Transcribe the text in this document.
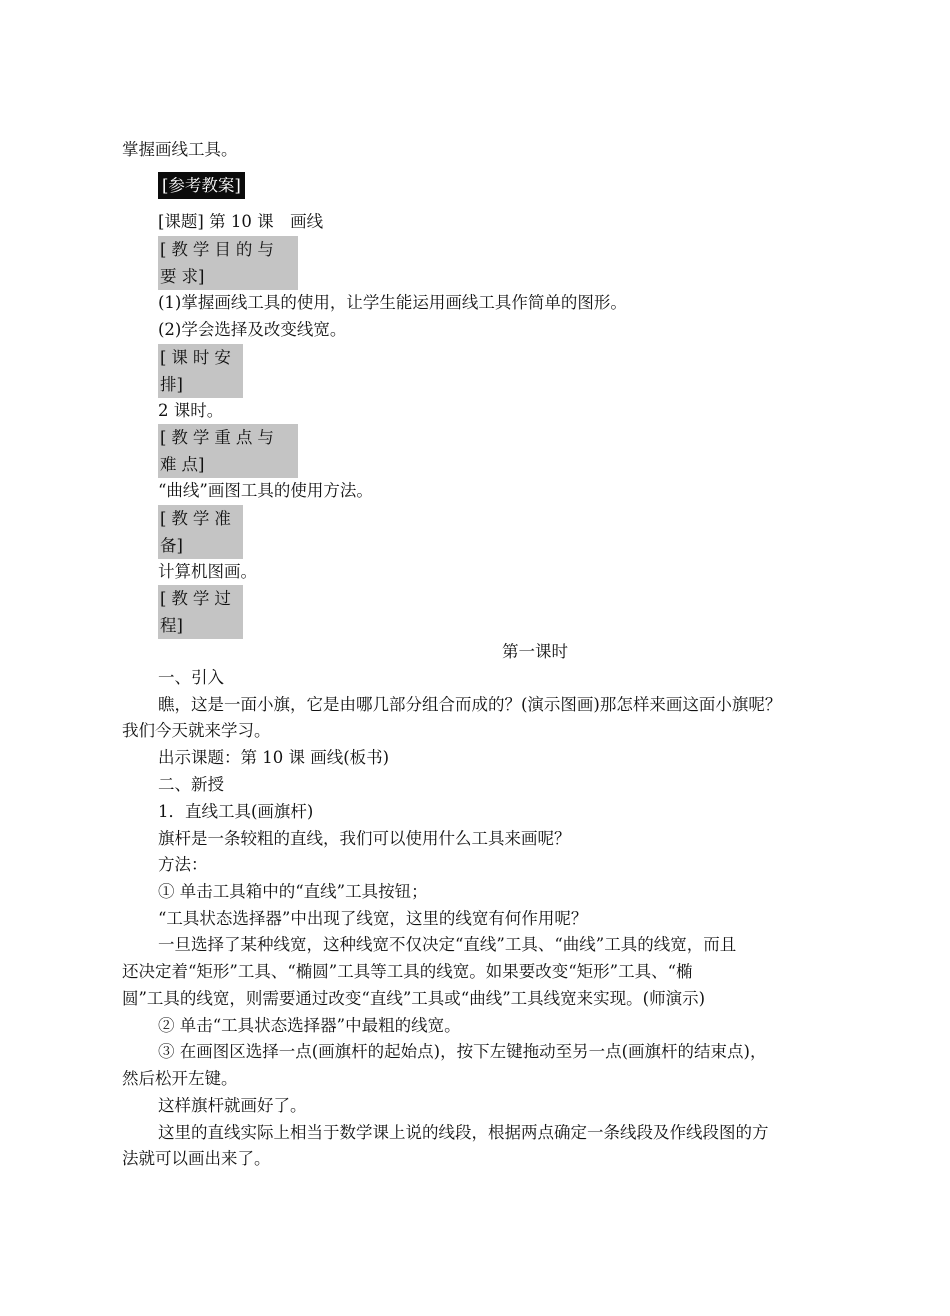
掌握画线工具。
[参考教案]
[课题] 第 10 课　画线
[教学目的与要求]
(1)掌握画线工具的使用，让学生能运用画线工具作简单的图形。
(2)学会选择及改变线宽。
[课时安排]
2 课时。
[教学重点与难点]
“曲线”画图工具的使用方法。
[教学准备]
计算机图画。
[教学过程]
第一课时
一、引入
瞧，这是一面小旗，它是由哪几部分组合而成的？(演示图画)那怎样来画这面小旗呢？
我们今天就来学习。
出示课题：第 10 课 画线(板书)
二、新授
1．直线工具(画旗杆)
旗杆是一条较粗的直线，我们可以使用什么工具来画呢？
方法：
① 单击工具箱中的“直线”工具按钮；
“工具状态选择器”中出现了线宽，这里的线宽有何作用呢？
一旦选择了某种线宽，这种线宽不仅决定“直线”工具、“曲线”工具的线宽，而且
还决定着“矩形”工具、“椭圆”工具等工具的线宽。如果要改变“矩形”工具、“椭
圆”工具的线宽，则需要通过改变“直线”工具或“曲线”工具线宽来实现。(师演示)
② 单击“工具状态选择器”中最粗的线宽。
③ 在画图区选择一点(画旗杆的起始点)，按下左键拖动至另一点(画旗杆的结束点)，
然后松开左键。
这样旗杆就画好了。
这里的直线实际上相当于数学课上说的线段，根据两点确定一条线段及作线段图的方
法就可以画出来了。
